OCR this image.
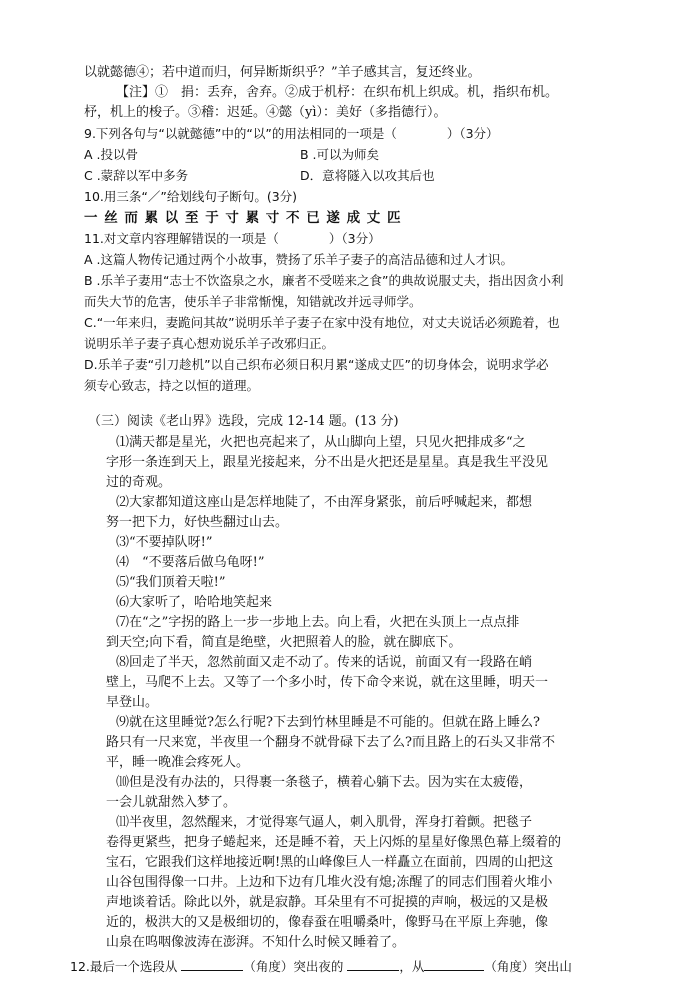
以就懿德④；若中道而归，何异断斯织乎？”羊子感其言，复还终业。
【注】①　捐：丢弃，舍弃。②成于机杼：在织布机上织成。机，指织布机。
杼，机上的梭子。③稽：迟延。④懿（yì）：美好（多指德行）。
9.下列各句与“以就懿德”中的“以”的用法相同的一项是（　　　　）（3分）
A .投以骨	B .可以为师矣
C .蒙辞以军中多务	D．意将隧入以攻其后也
10.用三条“／”给划线句子断句。(3分)
一 丝 而 累 以 至 于 寸 累 寸 不 已 遂 成 丈 匹
11.对文章内容理解错误的一项是（　　　　）（3分）
A .这篇人物传记通过两个小故事，赞扬了乐羊子妻子的高洁品德和过人才识。
B .乐羊子妻用“志士不饮盗泉之水，廉者不受嗟来之食”的典故说服丈夫，指出因贪小利
而失大节的危害，使乐羊子非常惭愧，知错就改并远寻师学。
C.“一年来归，妻跪问其故”说明乐羊子妻子在家中没有地位，对丈夫说话必须跪着，也
说明乐羊子妻子真心想劝说乐羊子改邪归正。
D.乐羊子妻“引刀趁机”以自己织布必须日积月累“遂成丈匹”的切身体会，说明求学必
须专心致志，持之以恒的道理。
（三）阅读《老山界》选段，完成 12-14 题。(13 分)
⑴满天都是星光，火把也亮起来了，从山脚向上望，只见火把排成多“之
字形一条连到天上，跟星光接起来，分不出是火把还是星星。真是我生平没见
过的奇观。
⑵大家都知道这座山是怎样地陡了，不由浑身紧张，前后呼喊起来，都想
努一把下力，好快些翻过山去。
⑶“不要掉队呀!”
⑷　“不要落后做乌龟呀!”
⑸“我们顶着天啦!”
⑹大家听了，哈哈地笑起来
⑺在“之”字拐的路上一步一步地上去。向上看，火把在头顶上一点点排
到天空;向下看，简直是绝壁，火把照着人的脸，就在脚底下。
⑻回走了半天，忽然前面又走不动了。传来的话说，前面又有一段路在峭
壁上，马爬不上去。又等了一个多小时，传下命令来说，就在这里睡，明天一
早登山。
⑼就在这里睡觉?怎么行呢?下去到竹林里睡是不可能的。但就在路上睡么?
路只有一尺来宽，半夜里一个翻身不就骨碌下去了么?而且路上的石头又非常不
平，睡一晚准会疼死人。
⑽但是没有办法的，只得裹一条毯子，横着心躺下去。因为实在太疲倦，
一会儿就甜然入梦了。
⑾半夜里，忽然醒来，才觉得寒气逼人，刺入肌骨，浑身打着颤。把毯子
卷得更紧些，把身子蜷起来，还是睡不着，天上闪烁的星星好像黑色幕上缀着的
宝石，它跟我们这样地接近啊!黑的山峰像巨人一样矗立在面前，四周的山把这
山谷包围得像一口井。上边和下边有几堆火没有熄;冻醒了的同志们围着火堆小
声地谈着话。除此以外，就是寂静。耳朵里有不可捉摸的声响，极远的又是极
近的，极洪大的又是极细切的，像春蚕在咀嚼桑叶，像野马在平原上奔驰，像
山泉在呜咽像波涛在澎湃。不知什么时候又睡着了。
12.最后一个选段从	（角度）突出夜的	，从	（角度）突出山
